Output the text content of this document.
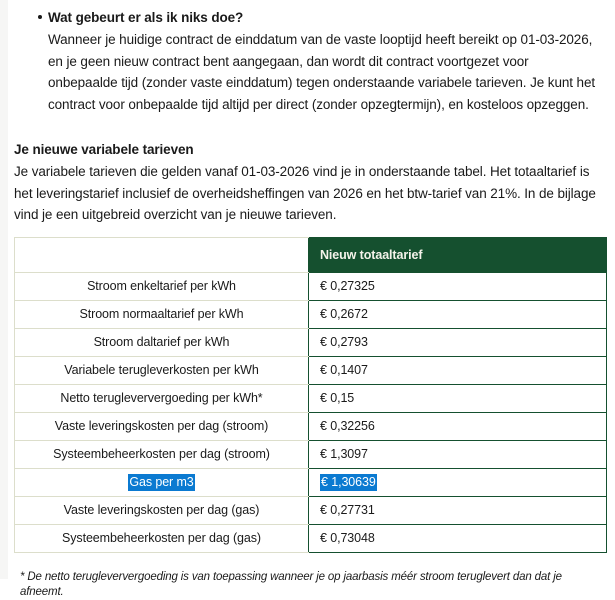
Wat gebeurt er als ik niks doe?

Wanneer je huidige contract de einddatum van de vaste looptijd heeft bereikt op 01-03-2026, en je geen nieuw contract bent aangegaan, dan wordt dit contract voortgezet voor onbepaalde tijd (zonder vaste einddatum) tegen onderstaande variabele tarieven. Je kunt het contract voor onbepaalde tijd altijd per direct (zonder opzegtermijn), en kosteloos opzeggen.

Je nieuwe variabele tarieven

Je variabele tarieven die gelden vanaf 01-03-2026 vind je in onderstaande tabel. Het totaaltarief is het leveringstarief inclusief de overheidsheffingen van 2026 en het btw-tarief van 21%. In de bijlage vind je een uitgebreid overzicht van je nieuwe tarieven.

	Nieuw totaaltarief
Stroom enkeltarief per kWh	€ 0,27325
Stroom normaaltarief per kWh	€ 0,2672
Stroom daltarief per kWh	€ 0,2793
Variabele terugleverkosten per kWh	€ 0,1407
Netto terugleververgoeding per kWh*	€ 0,15
Vaste leveringskosten per dag (stroom)	€ 0,32256
Systeembeheerkosten per dag (stroom)	€ 1,3097
Gas per m3	€ 1,30639
Vaste leveringskosten per dag (gas)	€ 0,27731
Systeembeheerkosten per dag (gas)	€ 0,73048

* De netto terugleververgoeding is van toepassing wanneer je op jaarbasis méér stroom teruglevert dan dat je afneemt.
